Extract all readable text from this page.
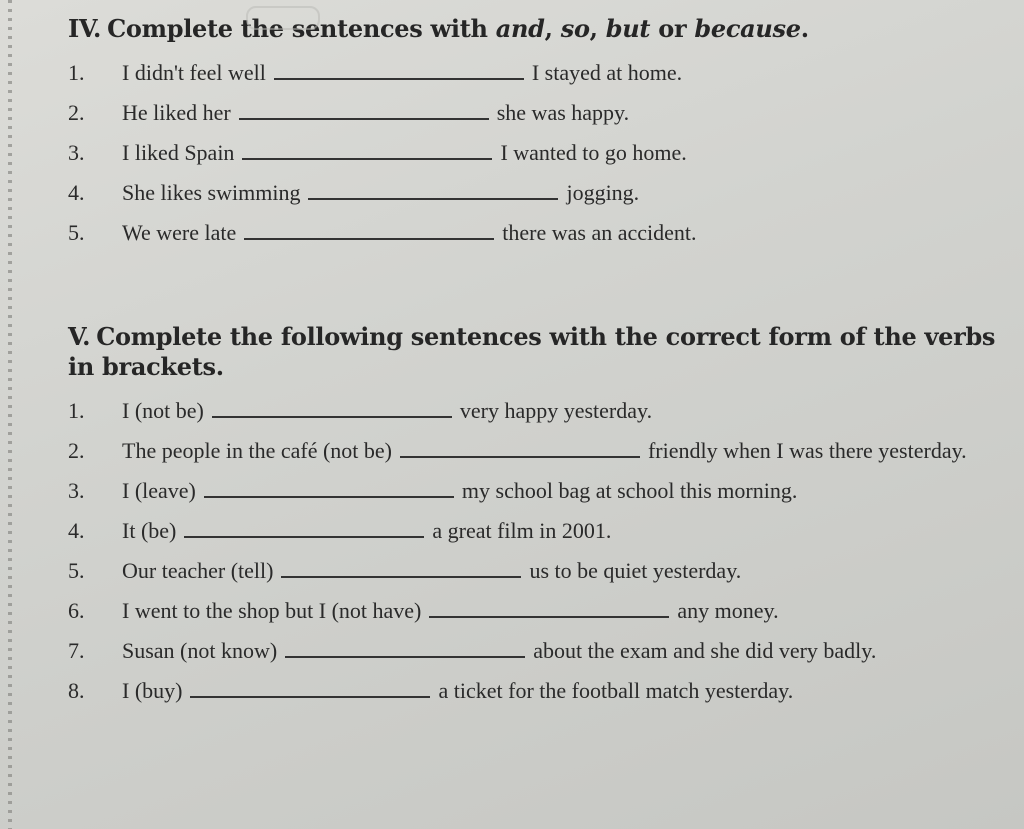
IV. Complete the sentences with and, so, but or because.
1.	I didn't feel well	I stayed at home.
2.	He liked her	she was happy.
3.	I liked Spain	I wanted to go home.
4.	She likes swimming	jogging.
5.	We were late	there was an accident.
V. Complete the following sentences with the correct form of the verbs in brackets.
1.	I (not be)	very happy yesterday.
2.	The people in the café (not be)	friendly when I was there yesterday.
3.	I (leave)	my school bag at school this morning.
4.	It (be)	a great film in 2001.
5.	Our teacher (tell)	us to be quiet yesterday.
6.	I went to the shop but I (not have)	any money.
7.	Susan (not know)	about the exam and she did very badly.
8.	I (buy)	a ticket for the football match yesterday.
